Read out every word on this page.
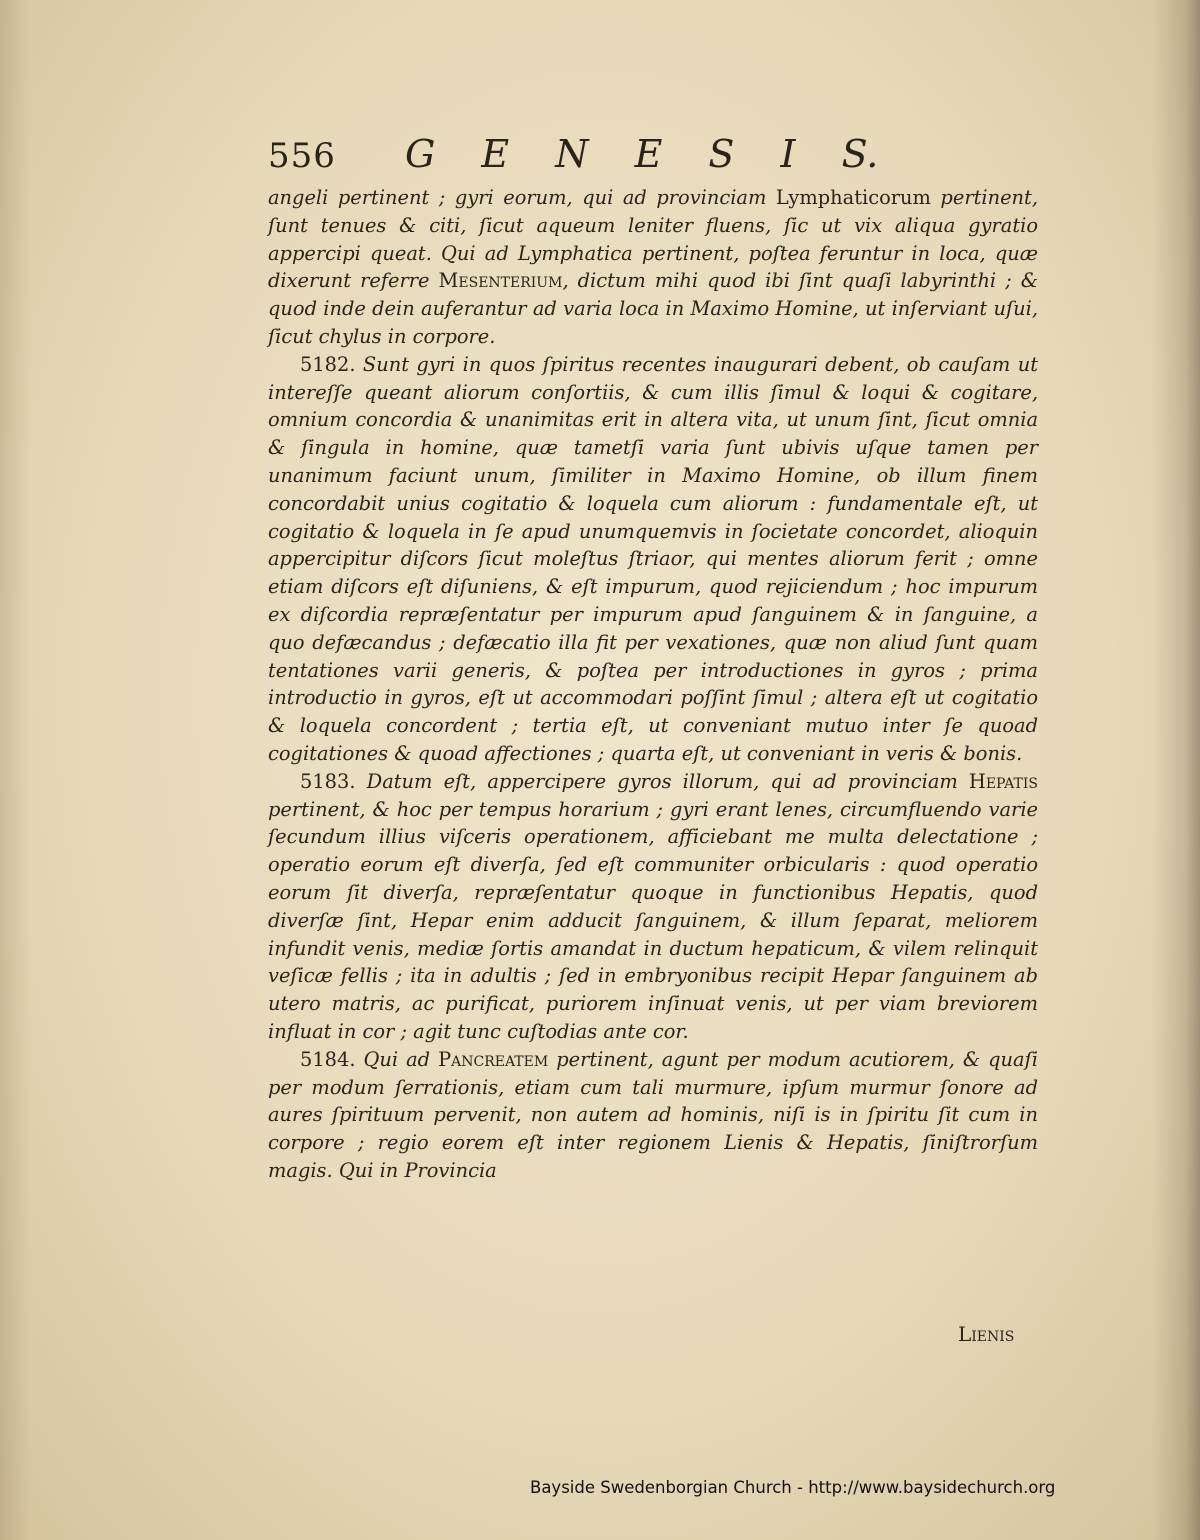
556 G E N E S I S.

angeli pertinent ; gyri eorum, qui ad provinciam Lymphaticorum pertinent, ſunt tenues & citi, ſicut aqueum leniter fluens, ſic ut vix aliqua gyratio appercipi queat. Qui ad Lymphatica pertinent, poſtea feruntur in loca, quæ dixerunt referre Mesenterium, dictum mihi quod ibi ſint quaſi labyrinthi ; & quod inde dein auferantur ad varia loca in Maximo Homine, ut inſerviant uſui, ſicut chylus in corpore.

5182. Sunt gyri in quos ſpiritus recentes inaugurari debent, ob cauſam ut intereſſe queant aliorum conſortiis, & cum illis ſimul & loqui & cogitare, omnium concordia & unanimitas erit in altera vita, ut unum ſint, ſicut omnia & ſingula in homine, quæ tametſi varia ſunt ubivis uſque tamen per unanimum faciunt unum, ſimiliter in Maximo Homine, ob illum finem concordabit unius cogitatio & loquela cum aliorum : fundamentale eſt, ut cogitatio & loquela in ſe apud unumquemvis in ſocietate concordet, alioquin appercipitur diſcors ſicut moleſtus ſtriaor, qui mentes aliorum ferit ; omne etiam diſcors eſt diſuniens, & eſt impurum, quod rejiciendum ; hoc impurum ex diſcordia repræſentatur per impurum apud ſanguinem & in ſanguine, a quo defæcandus ; defæcatio illa fit per vexationes, quæ non aliud ſunt quam tentationes varii generis, & poſtea per introductiones in gyros ; prima introductio in gyros, eſt ut accommodari poſſint ſimul ; altera eſt ut cogitatio & loquela concordent ; tertia eſt, ut conveniant mutuo inter ſe quoad cogitationes & quoad affectiones ; quarta eſt, ut conveniant in veris & bonis.

5183. Datum eſt, appercipere gyros illorum, qui ad provinciam Hepatis pertinent, & hoc per tempus horarium ; gyri erant lenes, circumfluendo varie ſecundum illius viſceris operationem, afficiebant me multa delectatione ; operatio eorum eſt diverſa, ſed eſt communiter orbicularis : quod operatio eorum ſit diverſa, repræſentatur quoque in functionibus Hepatis, quod diverſæ ſint, Hepar enim adducit ſanguinem, & illum ſeparat, meliorem infundit venis, mediæ ſortis amandat in ductum hepaticum, & vilem relinquit veſicæ fellis ; ita in adultis ; ſed in embryonibus recipit Hepar ſanguinem ab utero matris, ac purificat, puriorem inſinuat venis, ut per viam breviorem influat in cor ; agit tunc cuſtodias ante cor.

5184. Qui ad Pancreatem pertinent, agunt per modum acutiorem, & quaſi per modum ſerrationis, etiam cum tali murmure, ipſum murmur ſonore ad aures ſpirituum pervenit, non autem ad hominis, niſi is in ſpiritu ſit cum in corpore ; regio eorem eſt inter regionem Lienis & Hepatis, ſiniſtrorſum magis. Qui in Provincia

Lienis
Bayside Swedenborgian Church - http://www.baysidechurch.org
